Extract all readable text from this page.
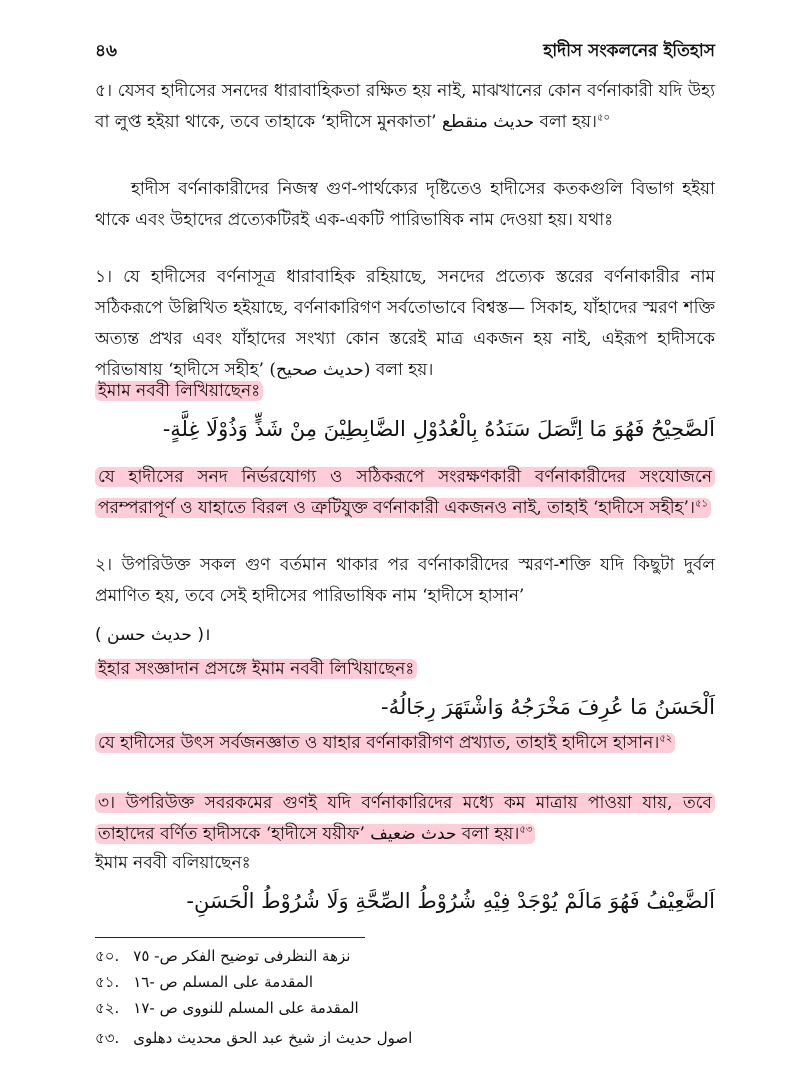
৪৬	হাদীস সংকলনের ইতিহাস
৫। যেসব হাদীসের সনদের ধারাবাহিকতা রক্ষিত হয় নাই, মাঝখানের কোন বর্ণনাকারী যদি উহ্য বা লুপ্ত হইয়া থাকে, তবে তাহাকে ‘হাদীসে মুনকাতা’ حديث منقطع বলা হয়।$^{৫০}$
হাদীস বর্ণনাকারীদের নিজস্ব গুণ-পার্থক্যের দৃষ্টিতেও হাদীসের কতকগুলি বিভাগ হইয়া থাকে এবং উহাদের প্রত্যেকটিরই এক-একটি পারিভাষিক নাম দেওয়া হয়। যথাঃ
১। যে হাদীসের বর্ণনাসূত্র ধারাবাহিক রহিয়াছে, সনদের প্রত্যেক স্তরের বর্ণনাকারীর নাম সঠিকরূপে উল্লিখিত হইয়াছে, বর্ণনাকারিগণ সর্বতোভাবে বিশ্বস্ত— সিকাহ, যাঁহাদের স্মরণ শক্তি অত্যন্ত প্রখর এবং যাঁহাদের সংখ্যা কোন স্তরেই মাত্র একজন হয় নাই, এইরূপ হাদীসকে পরিভাষায় ‘হাদীসে সহীহ’ (حديث صحيح) বলা হয়।
ইমাম নববী লিখিয়াছেনঃ
اَلصَّحِيْحُ فَهُوَ مَا اِتَّصَلَ سَنَدُهُ بِالْعُدُوْلِ الضَّابِطِيْنَ مِنْ شَذٍّ وَذُوْلَا غِلَّةٍ-
যে হাদীসের সনদ নির্ভরযোগ্য ও সঠিকরূপে সংরক্ষণকারী বর্ণনাকারীদের সংযোজনে পরম্পরাপূর্ণ ও যাহাতে বিরল ও ত্রুটিযুক্ত বর্ণনাকারী একজনও নাই, তাহাই ‘হাদীসে সহীহ’।$^{৫১}$
২। উপরিউক্ত সকল গুণ বর্তমান থাকার পর বর্ণনাকারীদের স্মরণ-শক্তি যদি কিছুটা দুর্বল প্রমাণিত হয়, তবে সেই হাদীসের পারিভাষিক নাম ‘হাদীসে হাসান’
( حديث حسن )।
ইহার সংজ্ঞাদান প্রসঙ্গে ইমাম নববী লিখিয়াছেনঃ
اَلْحَسَنُ مَا عُرِفَ مَخْرَجُهُ وَاشْتَهَرَ رِجَالُهُ-
যে হাদীসের উৎস সর্বজনজ্ঞাত ও যাহার বর্ণনাকারীগণ প্রখ্যাত, তাহাই হাদীসে হাসান।$^{৫২}$
৩। উপরিউক্ত সবরকমের গুণই যদি বর্ণনাকারিদের মধ্যে কম মাত্রায় পাওয়া যায়, তবে তাহাদের বর্ণিত হাদীসকে ‘হাদীসে যয়ীফ’ حدث ضعيف বলা হয়।$^{৫৩}$
ইমাম নববী বলিয়াছেনঃ
اَلضَّعِيْفُ فَهُوَ مَالَمْ يُوْجَدْ فِيْهِ شُرُوْطُ الصِّحَّةِ وَلَا شُرُوْطُ الْحَسَنِ-
৫০. نزهة النظرفى توضيح الفكر ص- ٧٥
৫১. المقدمة على المسلم ص -١٦
৫২. المقدمة على المسلم للنووى ص -١٧
৫৩. اصول حديث از شيخ عبد الحق محديث دهلوى
